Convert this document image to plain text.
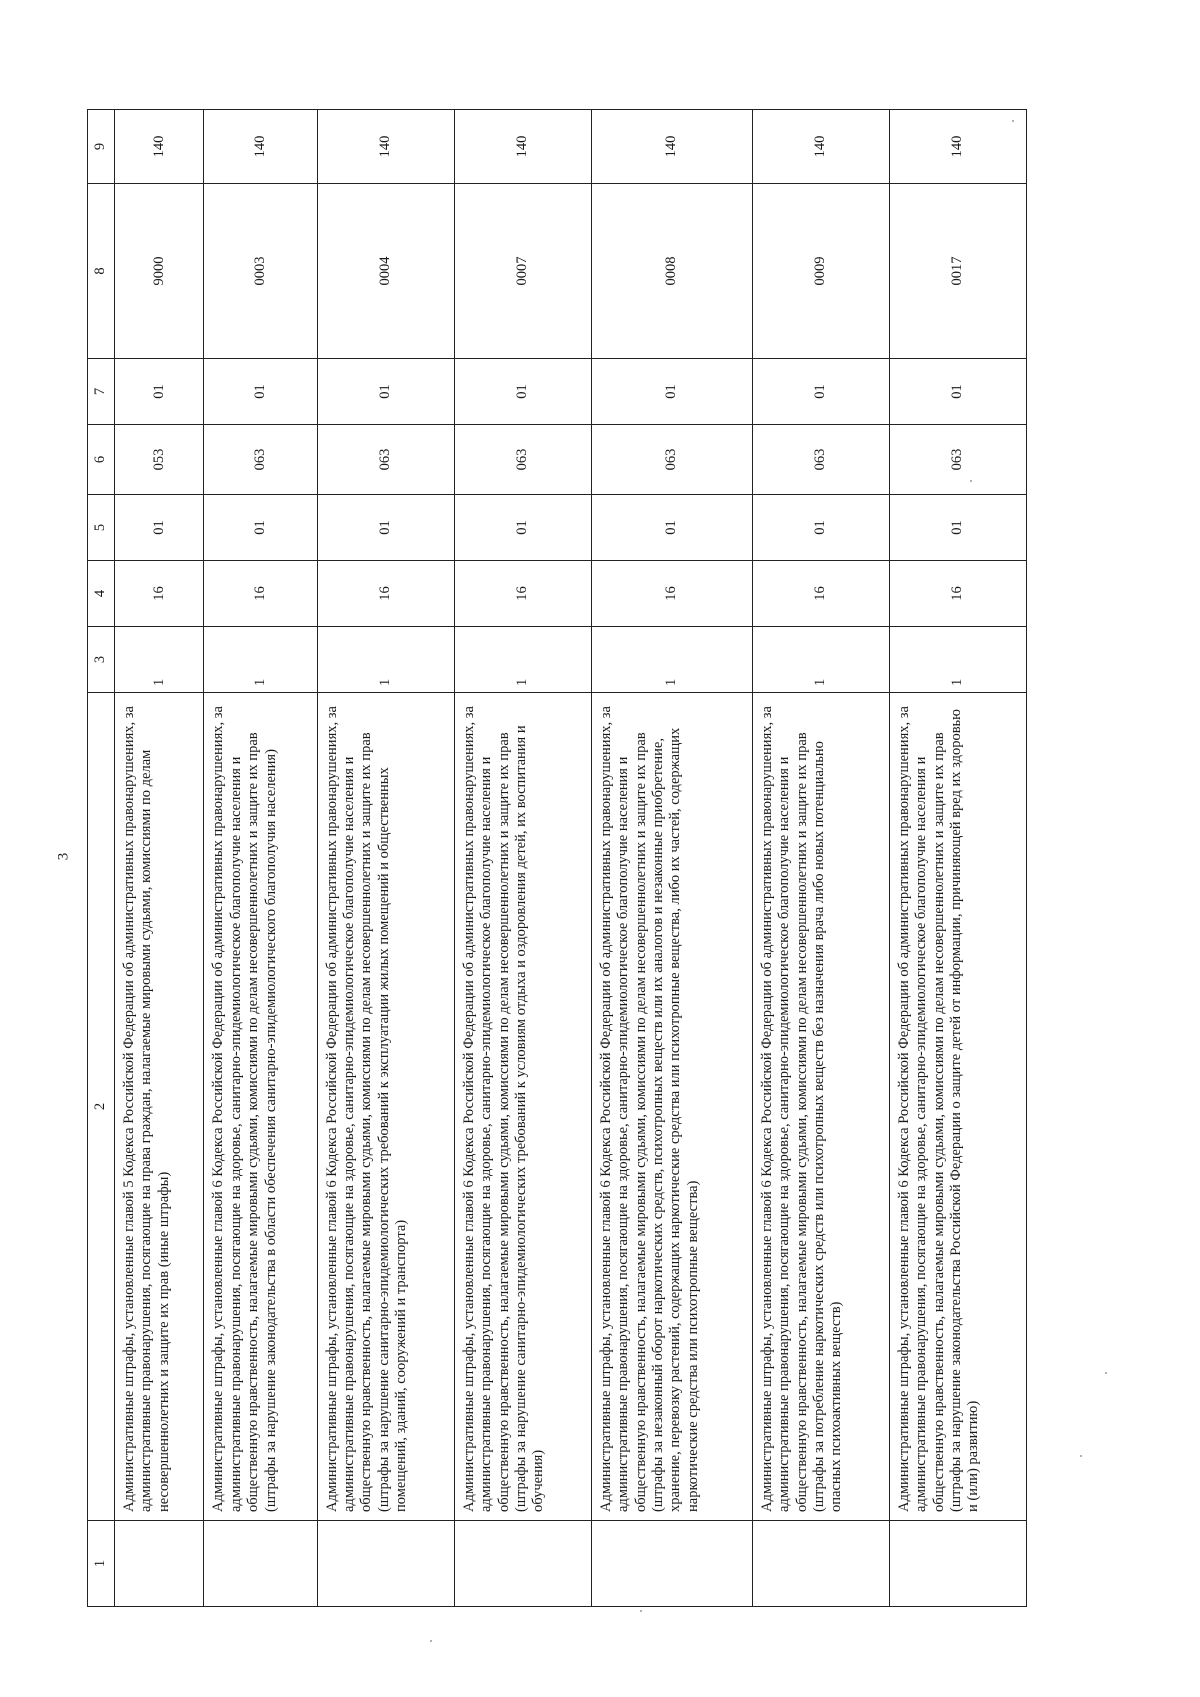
3
1	2	3	4	5	6	7	8	9
	Административные штрафы, установленные главой 5 Кодекса Российской Федерации об административных правонарушениях, за административные правонарушения, посягающие на права граждан, налагаемые мировыми судьями, комиссиями по делам несовершеннолетних и защите их прав (иные штрафы)	1	16	01	053	01	9000	140
	Административные штрафы, установленные главой 6 Кодекса Российской Федерации об административных правонарушениях, за административные правонарушения, посягающие на здоровье, санитарно-эпидемиологическое благополучие населения и общественную нравственность, налагаемые мировыми судьями, комиссиями по делам несовершеннолетних и защите их прав (штрафы за нарушение законодательства в области обеспечения санитарно-эпидемиологического благополучия населения)	1	16	01	063	01	0003	140
	Административные штрафы, установленные главой 6 Кодекса Российской Федерации об административных правонарушениях, за административные правонарушения, посягающие на здоровье, санитарно-эпидемиологическое благополучие населения и общественную нравственность, налагаемые мировыми судьями, комиссиями по делам несовершеннолетних и защите их прав (штрафы за нарушение санитарно-эпидемиологических требований к эксплуатации жилых помещений и общественных помещений, зданий, сооружений и транспорта)	1	16	01	063	01	0004	140
	Административные штрафы, установленные главой 6 Кодекса Российской Федерации об административных правонарушениях, за административные правонарушения, посягающие на здоровье, санитарно-эпидемиологическое благополучие населения и общественную нравственность, налагаемые мировыми судьями, комиссиями по делам несовершеннолетних и защите их прав (штрафы за нарушение санитарно-эпидемиологических требований к условиям отдыха и оздоровления детей, их воспитания и обучения)	1	16	01	063	01	0007	140
	Административные штрафы, установленные главой 6 Кодекса Российской Федерации об административных правонарушениях, за административные правонарушения, посягающие на здоровье, санитарно-эпидемиологическое благополучие населения и общественную нравственность, налагаемые мировыми судьями, комиссиями по делам несовершеннолетних и защите их прав (штрафы за незаконный оборот наркотических средств, психотропных веществ или их аналогов и незаконные приобретение, хранение, перевозку растений, содержащих наркотические средства или психотропные вещества, либо их частей, содержащих наркотические средства или психотропные вещества)	1	16	01	063	01	0008	140
	Административные штрафы, установленные главой 6 Кодекса Российской Федерации об административных правонарушениях, за административные правонарушения, посягающие на здоровье, санитарно-эпидемиологическое благополучие населения и общественную нравственность, налагаемые мировыми судьями, комиссиями по делам несовершеннолетних и защите их прав (штрафы за потребление наркотических средств или психотропных веществ без назначения врача либо новых потенциально опасных психоактивных веществ)	1	16	01	063	01	0009	140
	Административные штрафы, установленные главой 6 Кодекса Российской Федерации об административных правонарушениях, за административные правонарушения, посягающие на здоровье, санитарно-эпидемиологическое благополучие населения и общественную нравственность, налагаемые мировыми судьями, комиссиями по делам несовершеннолетних и защите их прав (штрафы за нарушение законодательства Российской Федерации о защите детей от информации, причиняющей вред их здоровью и (или) развитию)	1	16	01	063	01	0017	140
